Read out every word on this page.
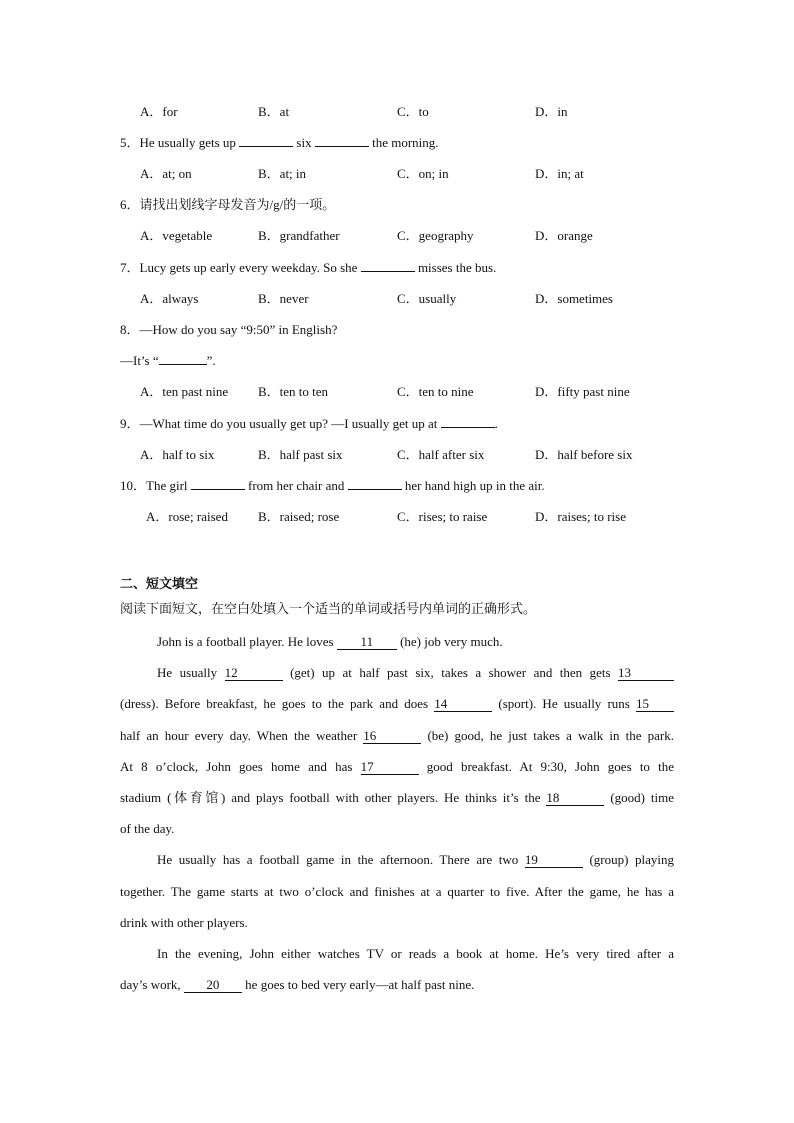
A．for	B．at	C．to	D．in
5．He usually gets up	six	the morning.
A．at; on	B．at; in	C．on; in	D．in; at
6．请找出划线字母发音为/g/的一项。
A．vegetable	B．grandfather	C．geography	D．orange
7．Lucy gets up early every weekday. So she	misses the bus.
A．always	B．never	C．usually	D．sometimes
8．—How do you say “9:50” in English?
—It’s “	”.
A．ten past nine B．ten to ten	C．ten to nine	D．fifty past nine
9．—What time do you usually get up? —I usually get up at	.
A．half to six	B．half past six	C．half after six	D．half before six
10．The girl	from her chair and	her hand high up in the air.
A．rose; raised B．raised; rose	C．rises; to raise	D．raises; to rise
二、短文填空
阅读下面短文，在空白处填入一个适当的单词或括号内单词的正确形式。
John is a football player. He loves 11 (he) job very much.
He usually 12	(get) up at half past six, takes a shower and then gets 13
(dress). Before breakfast, he goes to the park and does 14	(sport). He usually runs 15
half an hour every day. When the weather 16	(be) good, he just takes a walk in the park.
At 8 o’clock, John goes home and has 17	good breakfast. At 9:30, John goes to the
stadium (体育馆) and plays football with other players. He thinks it’s the 18	(good) time
of the day.
He usually has a football game in the afternoon. There are two 19	(group) playing
together. The game starts at two o’clock and finishes at a quarter to five. After the game, he has a
drink with other players.
In the evening, John either watches TV or reads a book at home. He’s very tired after a
day’s work, 20 he goes to bed very early—at half past nine.
